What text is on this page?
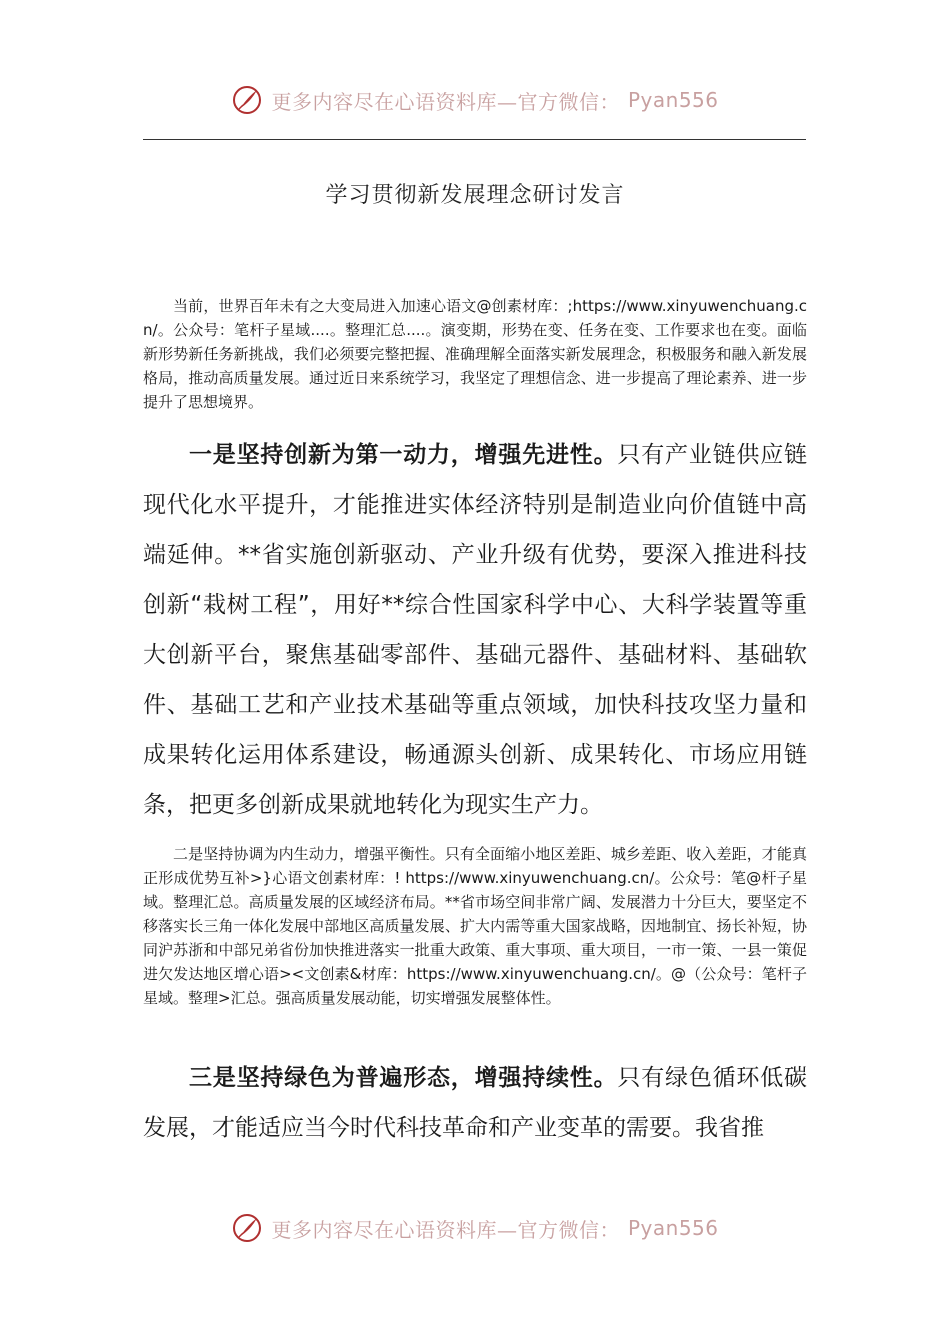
更多内容尽在心语资料库—官方微信： Pyan556
学习贯彻新发展理念研讨发言

当前，世界百年未有之大变局进入加速心语文@创素材库：;https://www.xinyuwenchuang.cn/。公众号：笔杆子星域....。整理汇总....。演变期，形势在变、任务在变、工作要求也在变。面临新形势新任务新挑战，我们必须要完整把握、准确理解全面落实新发展理念，积极服务和融入新发展格局，推动高质量发展。通过近日来系统学习，我坚定了理想信念、进一步提高了理论素养、进一步提升了思想境界。

一是坚持创新为第一动力，增强先进性。只有产业链供应链现代化水平提升，才能推进实体经济特别是制造业向价值链中高端延伸。**省实施创新驱动、产业升级有优势，要深入推进科技创新“栽树工程”，用好**综合性国家科学中心、大科学装置等重大创新平台，聚焦基础零部件、基础元器件、基础材料、基础软件、基础工艺和产业技术基础等重点领域，加快科技攻坚力量和成果转化运用体系建设，畅通源头创新、成果转化、市场应用链条，把更多创新成果就地转化为现实生产力。

二是坚持协调为内生动力，增强平衡性。只有全面缩小地区差距、城乡差距、收入差距，才能真正形成优势互补>}心语文创素材库：! https://www.xinyuwenchuang.cn/。公众号：笔@杆子星域。整理汇总。高质量发展的区域经济布局。**省市场空间非常广阔、发展潜力十分巨大，要坚定不移落实长三角一体化发展中部地区高质量发展、扩大内需等重大国家战略，因地制宜、扬长补短，协同沪苏浙和中部兄弟省份加快推进落实一批重大政策、重大事项、重大项目，一市一策、一县一策促进欠发达地区增心语><文创素&材库：https://www.xinyuwenchuang.cn/。@（公众号：笔杆子星域。整理>汇总。强高质量发展动能，切实增强发展整体性。

三是坚持绿色为普遍形态，增强持续性。只有绿色循环低碳发展，才能适应当今时代科技革命和产业变革的需要。我省推

更多内容尽在心语资料库—官方微信： Pyan556
